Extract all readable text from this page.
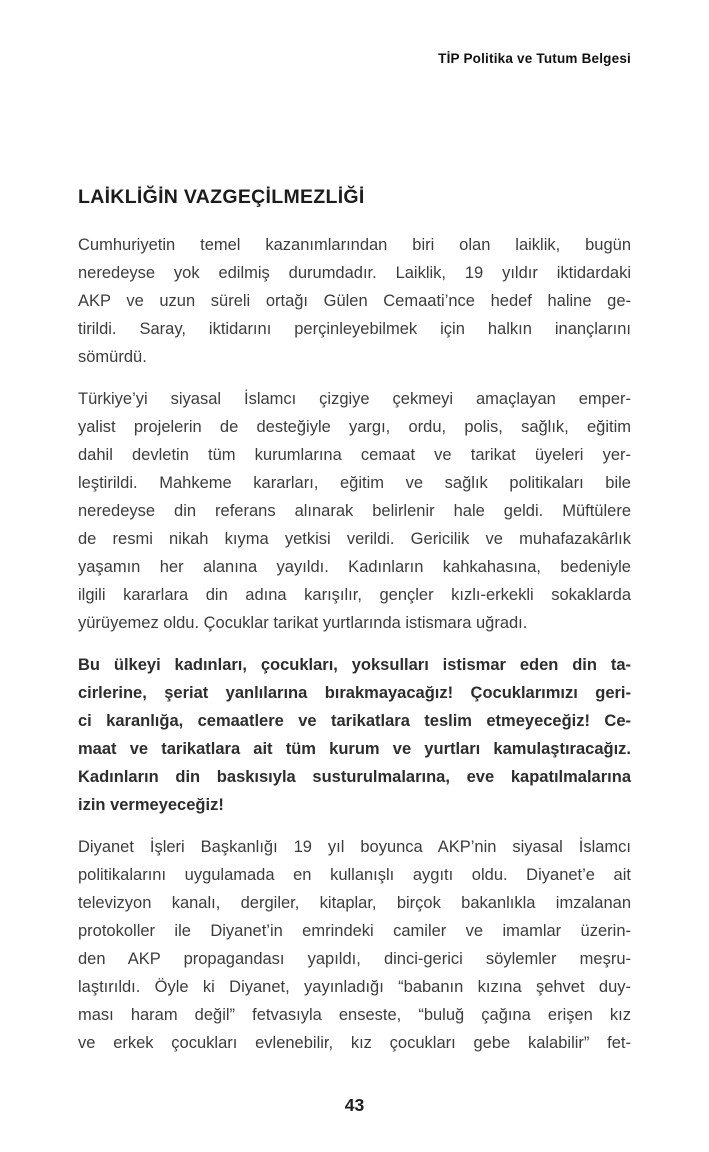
TİP Politika ve Tutum Belgesi
LAİKLİĞİN VAZGEÇİLMEZLİĞİ
Cumhuriyetin temel kazanımlarından biri olan laiklik, bugün
neredeyse yok edilmiş durumdadır. Laiklik, 19 yıldır iktidardaki
AKP ve uzun süreli ortağı Gülen Cemaati’nce hedef haline ge-
tirildi. Saray, iktidarını perçinleyebilmek için halkın inançlarını
sömürdü.
Türkiye’yi siyasal İslamcı çizgiye çekmeyi amaçlayan emper-
yalist projelerin de desteğiyle yargı, ordu, polis, sağlık, eğitim
dahil devletin tüm kurumlarına cemaat ve tarikat üyeleri yer-
leştirildi. Mahkeme kararları, eğitim ve sağlık politikaları bile
neredeyse din referans alınarak belirlenir hale geldi. Müftülere
de resmi nikah kıyma yetkisi verildi. Gericilik ve muhafazakârlık
yaşamın her alanına yayıldı. Kadınların kahkahasına, bedeniyle
ilgili kararlara din adına karışılır, gençler kızlı-erkekli sokaklarda
yürüyemez oldu. Çocuklar tarikat yurtlarında istismara uğradı.
Bu ülkeyi kadınları, çocukları, yoksulları istismar eden din ta-
cirlerine, şeriat yanlılarına bırakmayacağız! Çocuklarımızı geri-
ci karanlığa, cemaatlere ve tarikatlara teslim etmeyeceğiz! Ce-
maat ve tarikatlara ait tüm kurum ve yurtları kamulaştıracağız.
Kadınların din baskısıyla susturulmalarına, eve kapatılmalarına
izin vermeyeceğiz!
Diyanet İşleri Başkanlığı 19 yıl boyunca AKP’nin siyasal İslamcı
politikalarını uygulamada en kullanışlı aygıtı oldu. Diyanet’e ait
televizyon kanalı, dergiler, kitaplar, birçok bakanlıkla imzalanan
protokoller ile Diyanet’in emrindeki camiler ve imamlar üzerin-
den AKP propagandası yapıldı, dinci-gerici söylemler meşru-
laştırıldı. Öyle ki Diyanet, yayınladığı “babanın kızına şehvet duy-
ması haram değil” fetvasıyla enseste, “buluğ çağına erişen kız
ve erkek çocukları evlenebilir, kız çocukları gebe kalabilir” fet-
43
